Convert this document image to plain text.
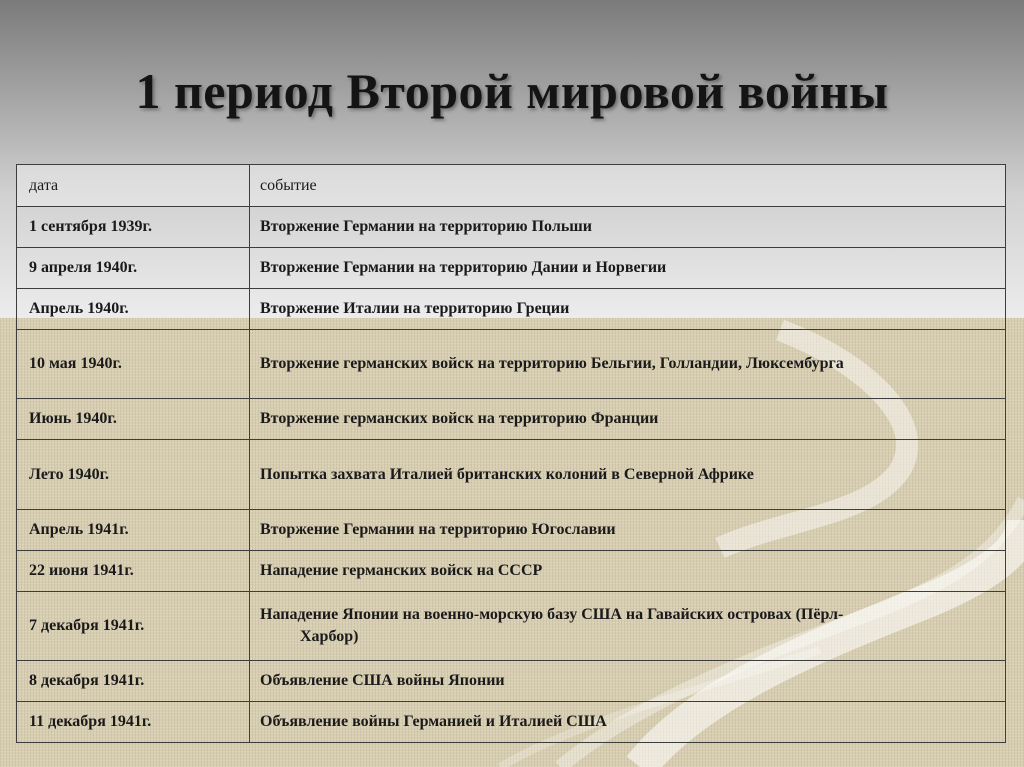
1 период Второй мировой войны
дата	событие
1 сентября 1939г.	Вторжение Германии на территорию Польши
9 апреля 1940г.	Вторжение Германии на территорию Дании и Норвегии
Апрель 1940г.	Вторжение Италии на территорию Греции
10 мая 1940г.	Вторжение германских войск на территорию Бельгии, Голландии, Люксембурга
Июнь 1940г.	Вторжение германских войск на территорию Франции
Лето 1940г.	Попытка захвата Италией британских колоний в Северной Африке
Апрель 1941г.	Вторжение Германии на территорию Югославии
22 июня 1941г.	Нападение германских войск на СССР
7 декабря 1941г.	Нападение Японии на военно-морскую базу США на Гавайских островах (Пёрл-
Харбор)

8 декабря 1941г.	Объявление США войны Японии
11 декабря 1941г.	Объявление войны Германией и Италией США
